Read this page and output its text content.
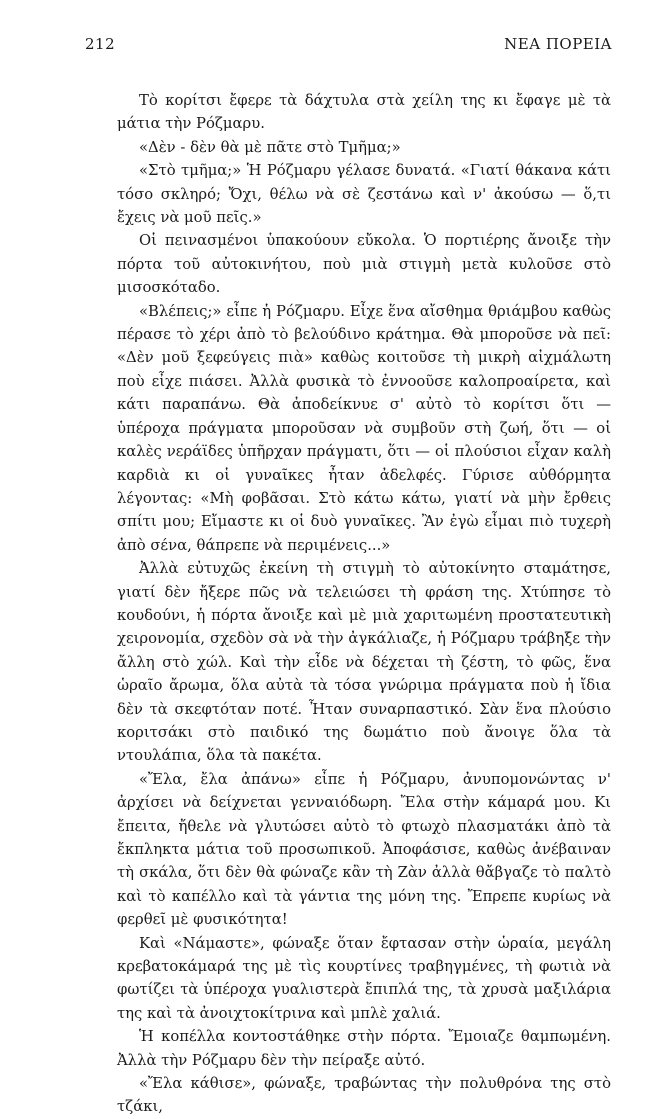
212	ΝΕΑ ΠΟΡΕΙΑ

Τὸ κορίτσι ἔφερε τὰ δάχτυλα στὰ χείλη της κι ἔφαγε μὲ τὰ μάτια τὴν Ρόζμαρυ.

«Δὲν - δὲν θὰ μὲ πᾶτε στὸ Τμῆμα;»

«Στὸ τμῆμα;» Ἡ Ρόζμαρυ γέλασε δυνατά. «Γιατί θάκανα κάτι τόσο σκληρό; Ὄχι, θέλω νὰ σὲ ζεστάνω καὶ ν' ἀκούσω — ὅ,τι ἔχεις νὰ μοῦ πεῖς.»

Οἱ πεινασμένοι ὑπακούουν εὔκολα. Ὁ πορτιέρης ἄνοιξε τὴν πόρτα τοῦ αὐτοκινήτου, ποὺ μιὰ στιγμὴ μετὰ κυλοῦσε στὸ μισοσκόταδο.

«Βλέπεις;» εἶπε ἡ Ρόζμαρυ. Εἶχε ἕνα αἴσθημα θριάμβου καθὼς πέρασε τὸ χέρι ἀπὸ τὸ βελούδινο κράτημα. Θὰ μποροῦσε νὰ πεῖ: «Δὲν μοῦ ξεφεύγεις πιὰ» καθὼς κοιτοῦσε τὴ μικρὴ αἰχμάλωτη ποὺ εἶχε πιάσει. Ἀλλὰ φυσικὰ τὸ ἐννοοῦσε καλοπροαίρετα, καὶ κάτι παραπάνω. Θὰ ἀποδείκνυε σ' αὐτὸ τὸ κορίτσι ὅτι — ὑπέροχα πράγματα μποροῦσαν νὰ συμβοῦν στὴ ζωή, ὅτι — οἱ καλὲς νεράϊδες ὑπῆρχαν πράγματι, ὅτι — οἱ πλούσιοι εἶχαν καλὴ καρδιὰ κι οἱ γυναῖκες ἦταν ἀδελφές. Γύρισε αὐθόρμητα λέγοντας: «Μὴ φοβᾶσαι. Στὸ κάτω κάτω, γιατί νὰ μὴν ἔρθεις σπίτι μου; Εἴμαστε κι οἱ δυὸ γυναῖκες. Ἂν ἐγὼ εἶμαι πιὸ τυχερὴ ἀπὸ σένα, θάπρεπε νὰ περιμένεις...»

Ἀλλὰ εὐτυχῶς ἐκείνη τὴ στιγμὴ τὸ αὐτοκίνητο σταμάτησε, γιατί δὲν ἤξερε πῶς νὰ τελειώσει τὴ φράση της. Χτύπησε τὸ κουδούνι, ἡ πόρτα ἄνοιξε καὶ μὲ μιὰ χαριτωμένη προστατευτικὴ χειρονομία, σχεδὸν σὰ νὰ τὴν ἀγκάλιαζε, ἡ Ρόζμαρυ τράβηξε τὴν ἄλλη στὸ χώλ. Καὶ τὴν εἶδε νὰ δέχεται τὴ ζέστη, τὸ φῶς, ἕνα ὡραῖο ἄρωμα, ὅλα αὐτὰ τὰ τόσα γνώριμα πράγματα ποὺ ἡ ἴδια δὲν τὰ σκεφτόταν ποτέ. Ἦταν συναρπαστικό. Σὰν ἕνα πλούσιο κοριτσάκι στὸ παιδικό της δωμάτιο ποὺ ἄνοιγε ὅλα τὰ ντουλάπια, ὅλα τὰ πακέτα.

«Ἔλα, ἔλα ἀπάνω» εἶπε ἡ Ρόζμαρυ, ἀνυπομονώντας ν' ἀρχίσει νὰ δείχνεται γενναιόδωρη. Ἔλα στὴν κάμαρά μου. Κι ἔπειτα, ἤθελε νὰ γλυτώσει αὐτὸ τὸ φτωχὸ πλασματάκι ἀπὸ τὰ ἔκπληκτα μάτια τοῦ προσωπικοῦ. Ἀποφάσισε, καθὼς ἀνέβαιναν τὴ σκάλα, ὅτι δὲν θὰ φώναζε κἂν τὴ Ζὰν ἀλλὰ θἄβγαζε τὸ παλτὸ καὶ τὸ καπέλλο καὶ τὰ γάντια της μόνη της. Ἔπρεπε κυρίως νὰ φερθεῖ μὲ φυσικότητα!

Καὶ «Νάμαστε», φώναξε ὅταν ἔφτασαν στὴν ὡραία, μεγάλη κρεβατοκάμαρά της μὲ τὶς κουρτίνες τραβηγμένες, τὴ φωτιὰ νὰ φωτίζει τὰ ὑπέροχα γυαλιστερὰ ἔπιπλά της, τὰ χρυσὰ μαξιλάρια της καὶ τὰ ἀνοιχτοκίτρινα καὶ μπλὲ χαλιά.

Ἡ κοπέλλα κοντοστάθηκε στὴν πόρτα. Ἔμοιαζε θαμπωμένη. Ἀλλὰ τὴν Ρόζμαρυ δὲν τὴν πείραξε αὐτό.

«Ἔλα κάθισε», φώναξε, τραβώντας τὴν πολυθρόνα της στὸ τζάκι,
